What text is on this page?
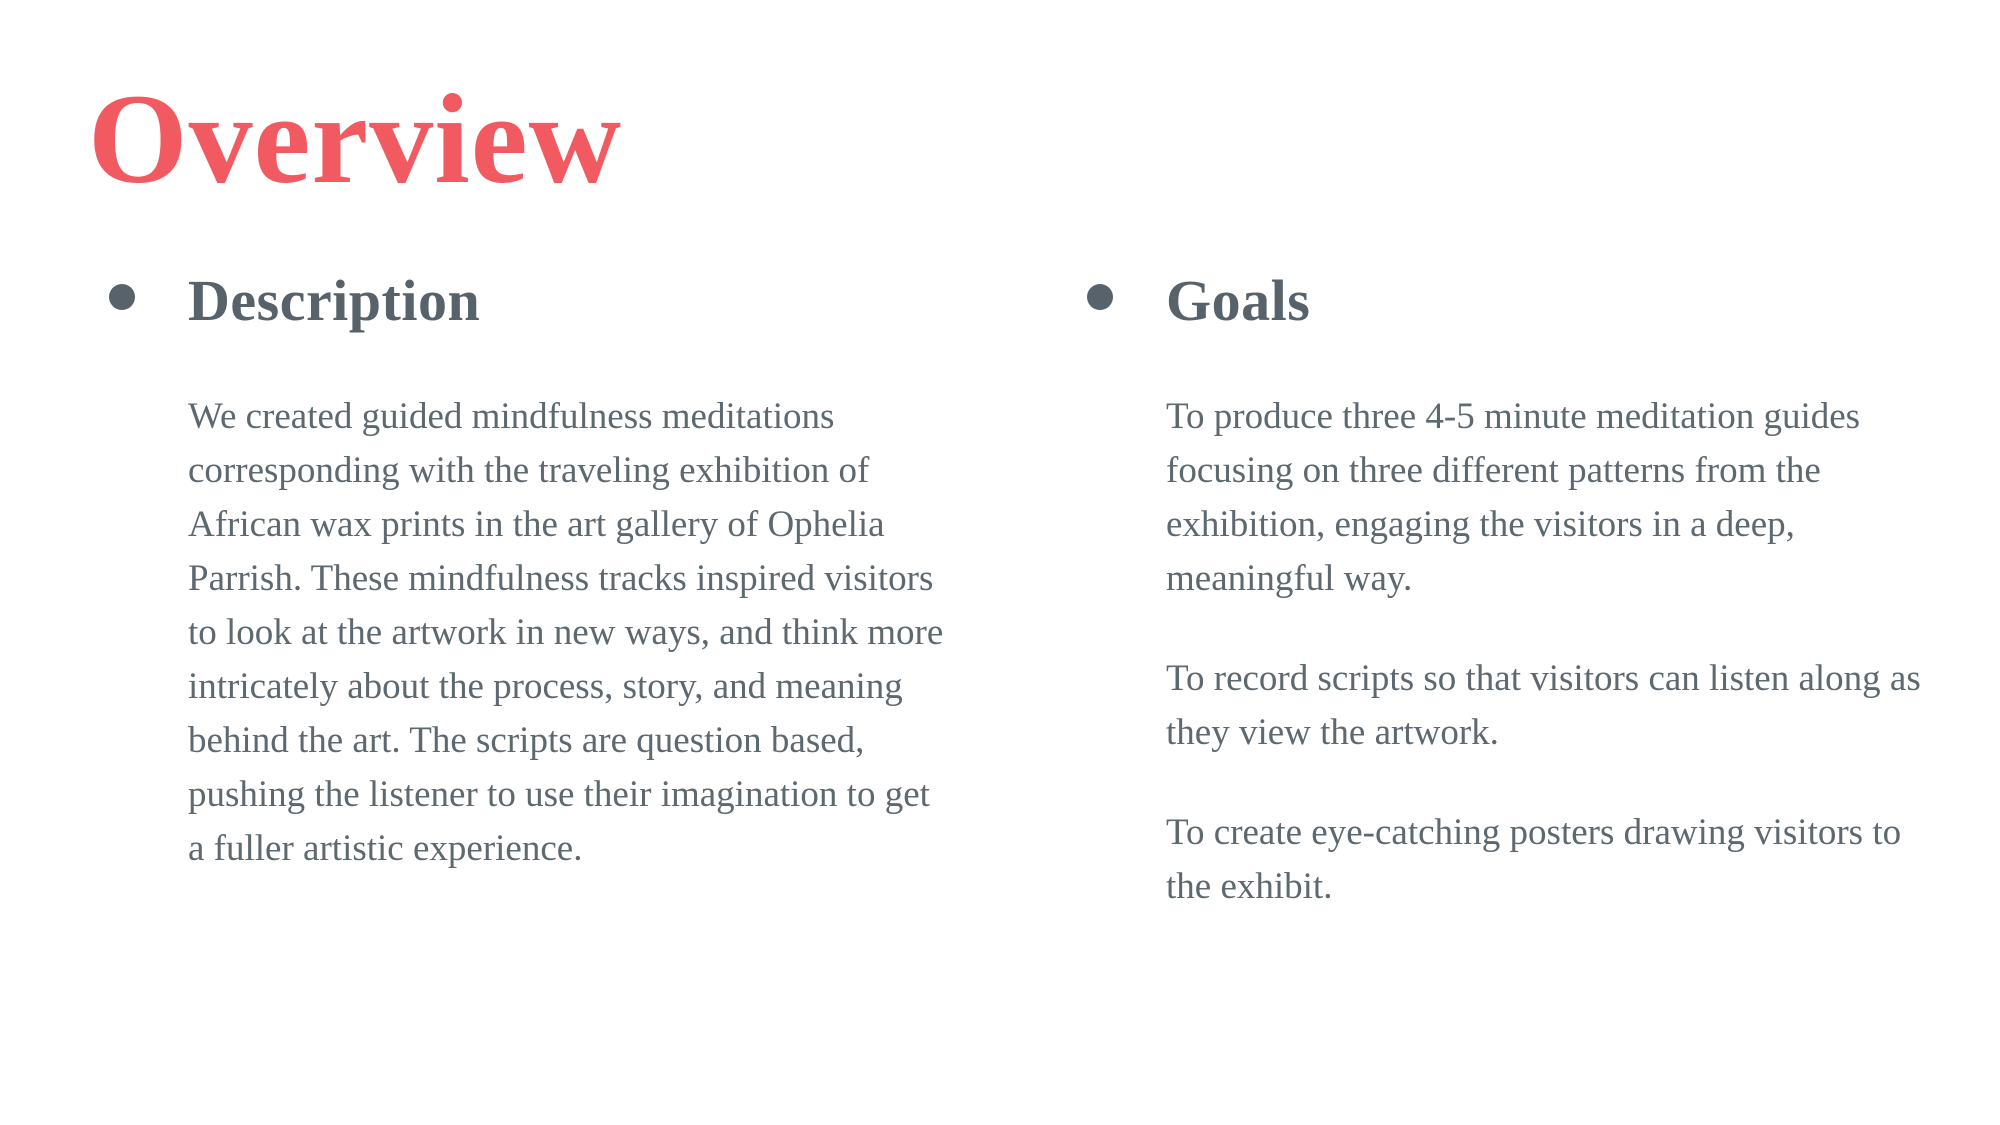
Overview
Description

We created guided mindfulness meditations corresponding with the traveling exhibition of African wax prints in the art gallery of Ophelia Parrish. These mindfulness tracks inspired visitors to look at the artwork in new ways, and think more intricately about the process, story, and meaning behind the art. The scripts are question based, pushing the listener to use their imagination to get a fuller artistic experience.

Goals

To produce three 4-5 minute meditation guides focusing on three different patterns from the exhibition, engaging the visitors in a deep, meaningful way.

To record scripts so that visitors can listen along as they view the artwork.

To create eye-catching posters drawing visitors to the exhibit.
